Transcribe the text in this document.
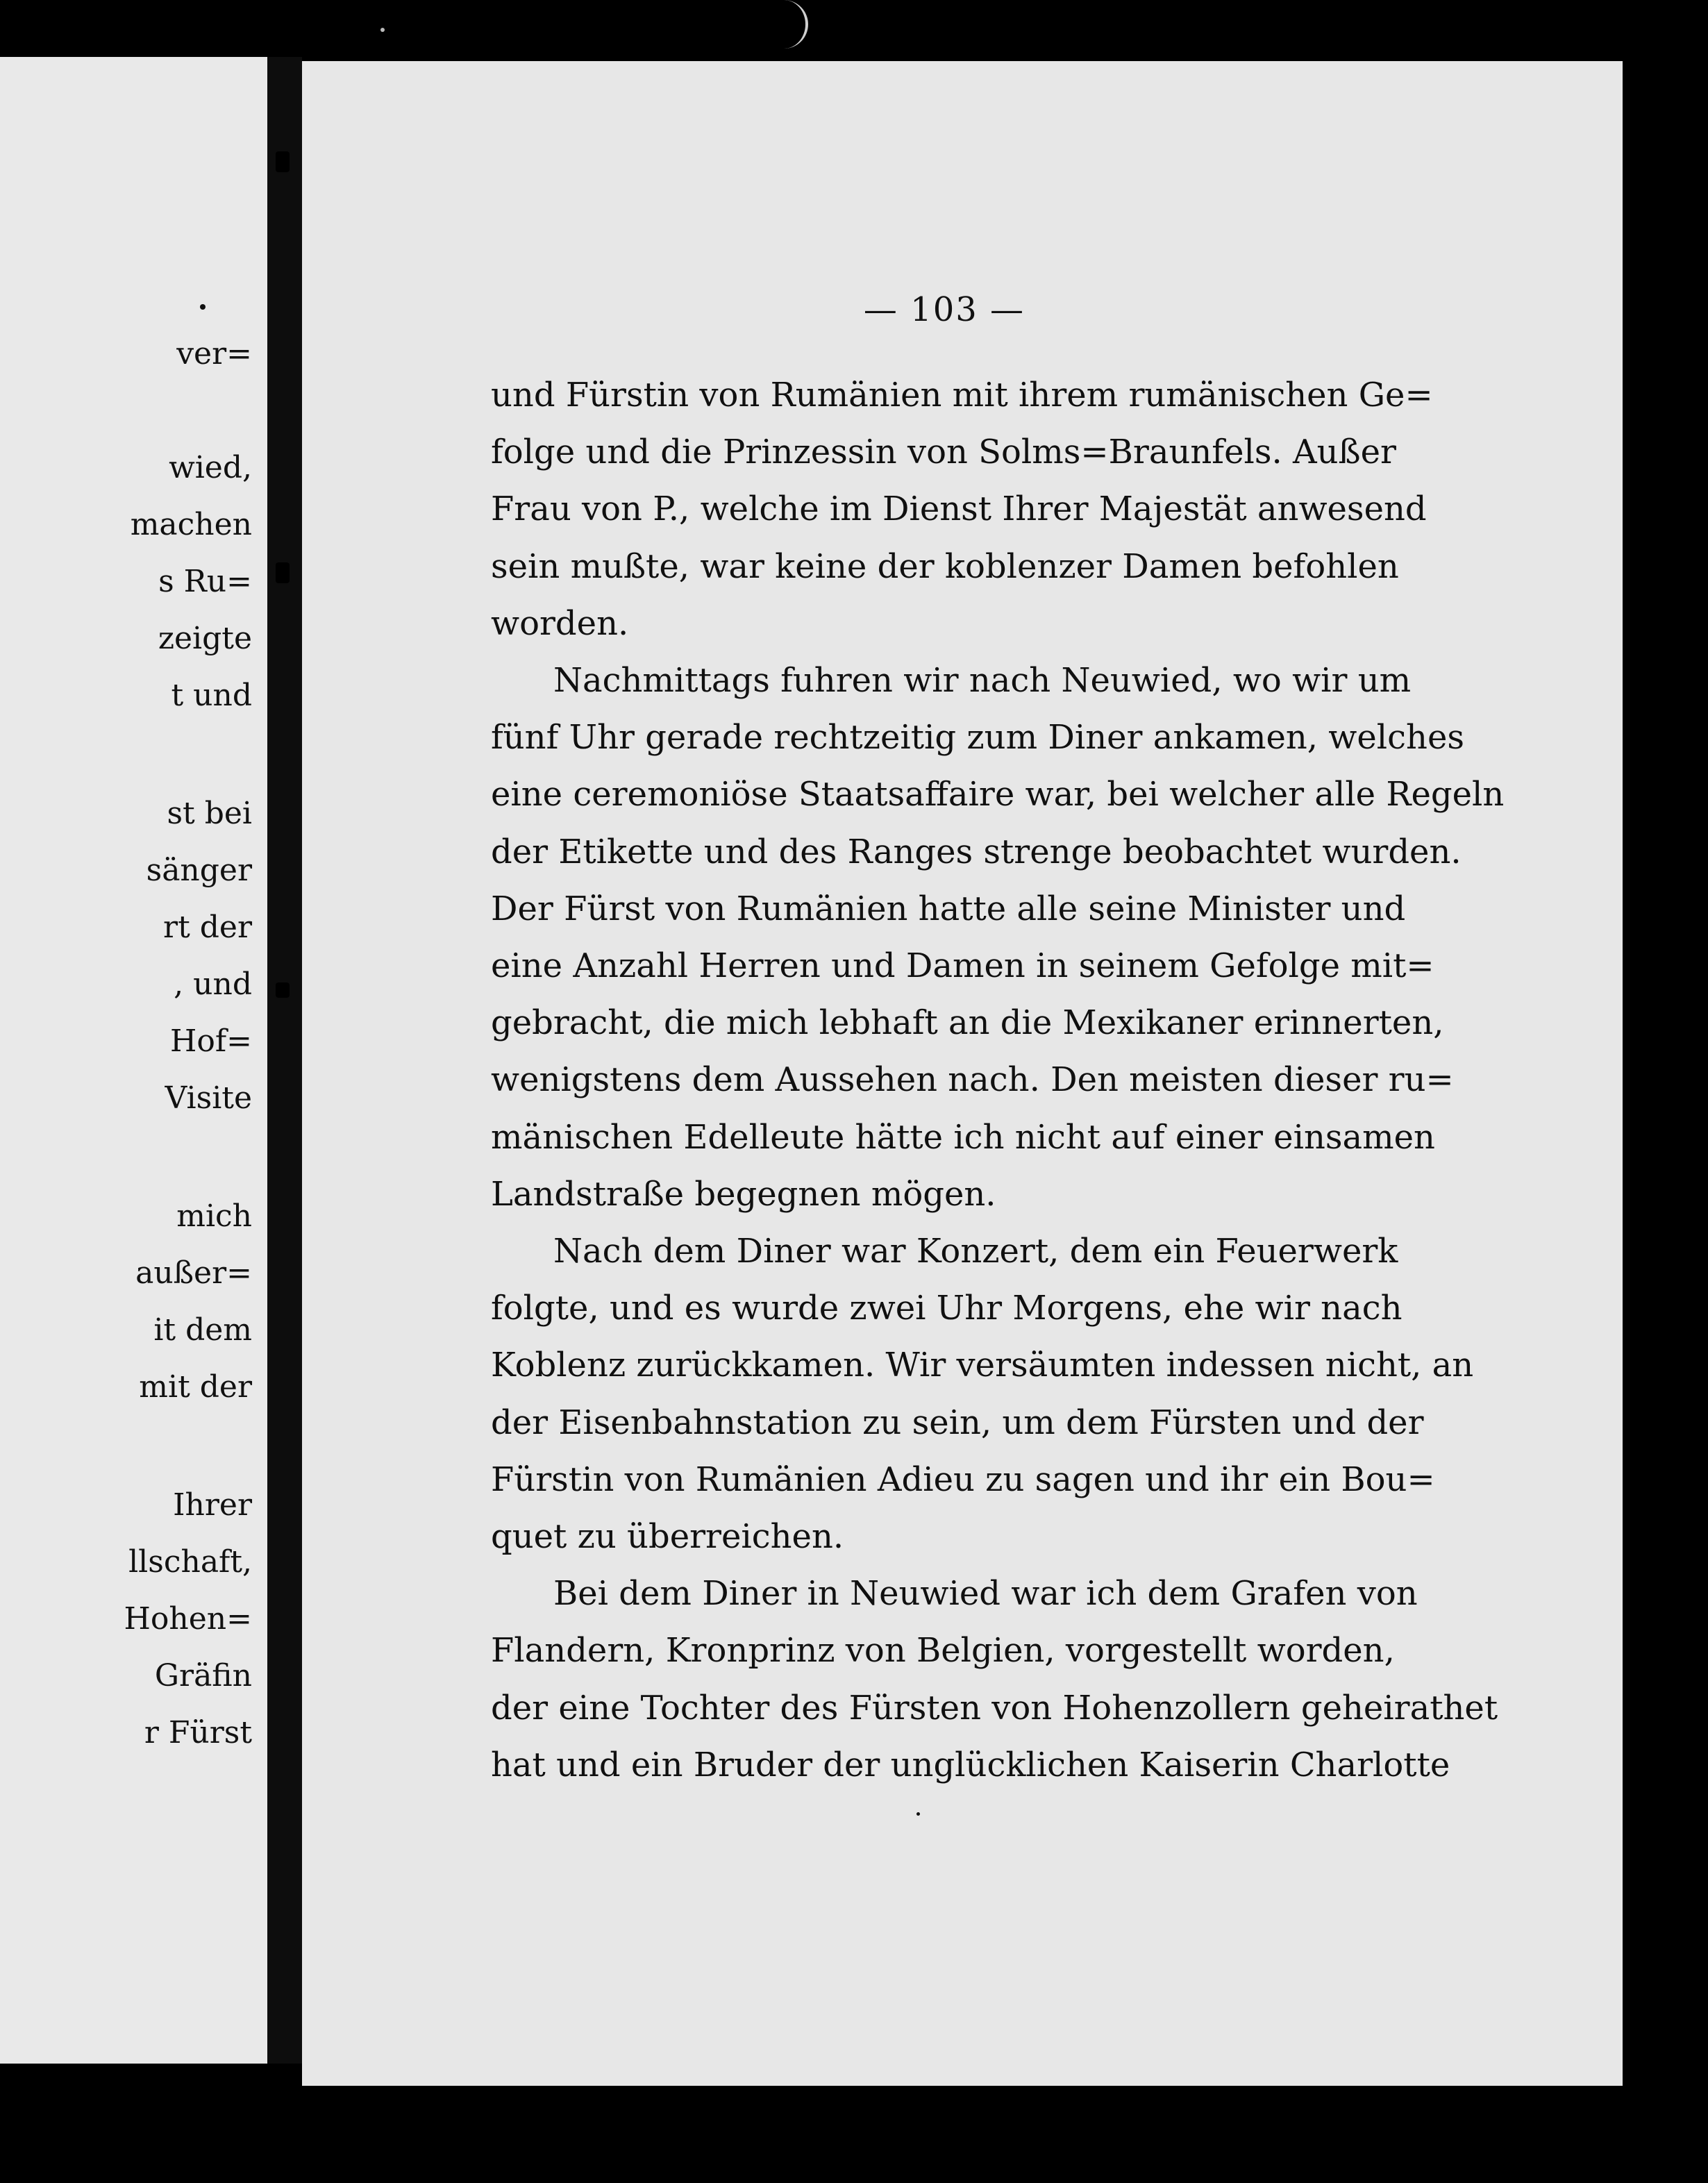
ver=
wied,
machen
s Ru=
zeigte
t und
st bei
sänger
rt der
, und
Hof=
Visite
mich
außer=
it dem
mit der
Ihrer
llschaft,
Hohen=
Gräfin
r Fürst
— 103 —
und Fürstin von Rumänien mit ihrem rumänischen Ge=
folge und die Prinzessin von Solms=Braunfels. Außer
Frau von P., welche im Dienst Ihrer Majestät anwesend
sein mußte, war keine der koblenzer Damen befohlen
worden.
Nachmittags fuhren wir nach Neuwied, wo wir um
fünf Uhr gerade rechtzeitig zum Diner ankamen, welches
eine ceremoniöse Staatsaffaire war, bei welcher alle Regeln
der Etikette und des Ranges strenge beobachtet wurden.
Der Fürst von Rumänien hatte alle seine Minister und
eine Anzahl Herren und Damen in seinem Gefolge mit=
gebracht, die mich lebhaft an die Mexikaner erinnerten,
wenigstens dem Aussehen nach. Den meisten dieser ru=
mänischen Edelleute hätte ich nicht auf einer einsamen
Landstraße begegnen mögen.
Nach dem Diner war Konzert, dem ein Feuerwerk
folgte, und es wurde zwei Uhr Morgens, ehe wir nach
Koblenz zurückkamen. Wir versäumten indessen nicht, an
der Eisenbahnstation zu sein, um dem Fürsten und der
Fürstin von Rumänien Adieu zu sagen und ihr ein Bou=
quet zu überreichen.
Bei dem Diner in Neuwied war ich dem Grafen von
Flandern, Kronprinz von Belgien, vorgestellt worden,
der eine Tochter des Fürsten von Hohenzollern geheirathet
hat und ein Bruder der unglücklichen Kaiserin Charlotte
